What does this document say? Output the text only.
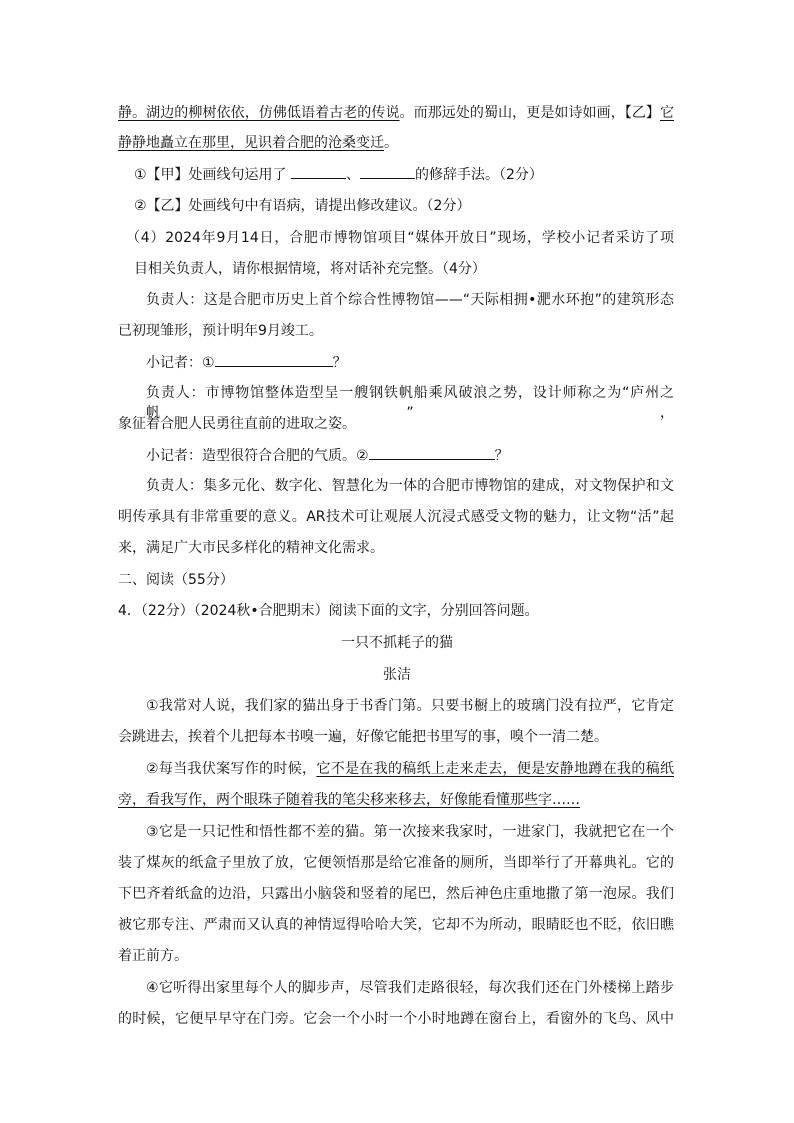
静。湖边的柳树依依，仿佛低语着古老的传说。而那远处的蜀山，更是如诗如画，【乙】它
静静地矗立在那里，见识着合肥的沧桑变迁。
①【甲】处画线句运用了	、	的修辞手法。（2分）
②【乙】处画线句中有语病，请提出修改建议。（2分）
（4）2024年9月14日，合肥市博物馆项目“媒体开放日”现场，学校小记者采访了项
目相关负责人，请你根据情境，将对话补充完整。（4分）
负责人：这是合肥市历史上首个综合性博物馆——“天际相拥•淝水环抱”的建筑形态
已初现雏形，预计明年9月竣工。
小记者：①	？
负责人：市博物馆整体造型呈一艘钢铁帆船乘风破浪之势，设计师称之为“庐州之帆”，
象征着合肥人民勇往直前的进取之姿。
小记者：造型很符合合肥的气质。②	？
负责人：集多元化、数字化、智慧化为一体的合肥市博物馆的建成，对文物保护和文
明传承具有非常重要的意义。AR技术可让观展人沉浸式感受文物的魅力，让文物“活”起
来，满足广大市民多样化的精神文化需求。
二、阅读（55分）
4．（22分）（2024秋•合肥期末）阅读下面的文字，分别回答问题。
一只不抓耗子的猫
张洁
①我常对人说，我们家的猫出身于书香门第。只要书橱上的玻璃门没有拉严，它肯定
会跳进去，挨着个儿把每本书嗅一遍，好像它能把书里写的事，嗅个一清二楚。
②每当我伏案写作的时候，它不是在我的稿纸上走来走去，便是安静地蹲在我的稿纸
旁，看我写作，两个眼珠子随着我的笔尖移来移去，好像能看懂那些字……
③它是一只记性和悟性都不差的猫。第一次接来我家时，一进家门，我就把它在一个
装了煤灰的纸盒子里放了放，它便领悟那是给它准备的厕所，当即举行了开幕典礼。它的
下巴齐着纸盒的边沿，只露出小脑袋和竖着的尾巴，然后神色庄重地撒了第一泡尿。我们
被它那专注、严肃而又认真的神情逗得哈哈大笑，它却不为所动，眼睛眨也不眨，依旧瞧
着正前方。
④它听得出家里每个人的脚步声，尽管我们走路很轻，每次我们还在门外楼梯上踏步
的时候，它便早早守在门旁。它会一个小时一个小时地蹲在窗台上，看窗外的飞鸟、风中
